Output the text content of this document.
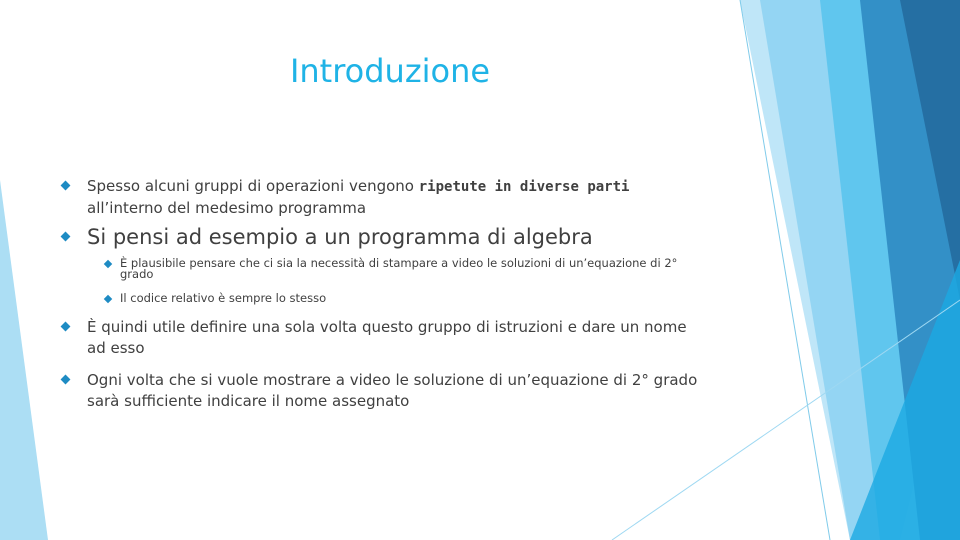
Introduzione
Spesso alcuni gruppi di operazioni vengono ripetute in diverse parti
all’interno del medesimo programma
Si pensi ad esempio a un programma di algebra
È plausibile pensare che ci sia la necessità di stampare a video le soluzioni di un’equazione di 2° grado
Il codice relativo è sempre lo stesso
È quindi utile definire una sola volta questo gruppo di istruzioni e dare un nome ad esso
Ogni volta che si vuole mostrare a video le soluzione di un’equazione di 2° grado sarà sufficiente indicare il nome assegnato
